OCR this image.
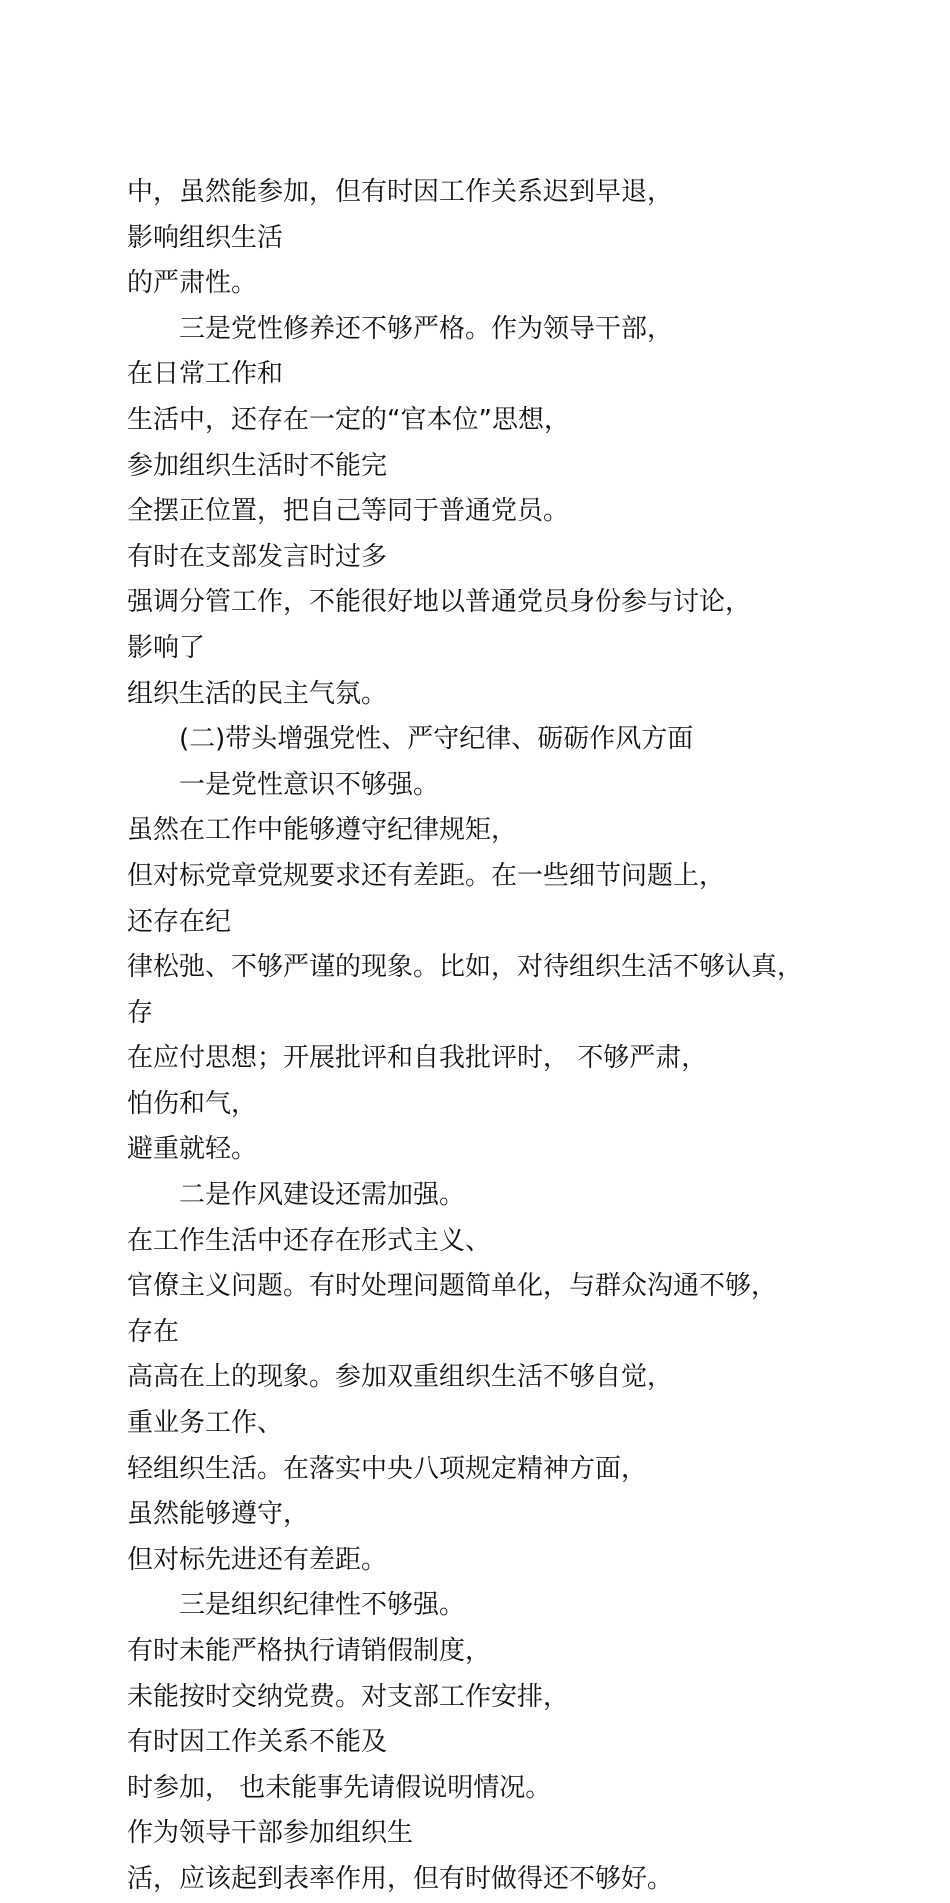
中，虽然能参加，但有时因工作关系迟到早退，影响组织生活
的严肃性。

三是党性修养还不够严格。作为领导干部，在日常工作和
生活中，还存在一定的“官本位”思想，参加组织生活时不能完
全摆正位置，把自己等同于普通党员。有时在支部发言时过多
强调分管工作，不能很好地以普通党员身份参与讨论，影响了
组织生活的民主气氛。

(二)带头增强党性、严守纪律、砺砺作风方面

一是党性意识不够强。虽然在工作中能够遵守纪律规矩，
但对标党章党规要求还有差距。在一些细节问题上，还存在纪
律松弛、不够严谨的现象。比如，对待组织生活不够认真，存
在应付思想；开展批评和自我批评时， 不够严肃， 怕伤和气，
避重就轻。

二是作风建设还需加强。在工作生活中还存在形式主义、
官僚主义问题。有时处理问题简单化，与群众沟通不够，存在
高高在上的现象。参加双重组织生活不够自觉，重业务工作、
轻组织生活。在落实中央八项规定精神方面，虽然能够遵守，
但对标先进还有差距。

三是组织纪律性不够强。有时未能严格执行请销假制度，
未能按时交纳党费。对支部工作安排，有时因工作关系不能及
时参加， 也未能事先请假说明情况。作为领导干部参加组织生
活，应该起到表率作用，但有时做得还不够好。
